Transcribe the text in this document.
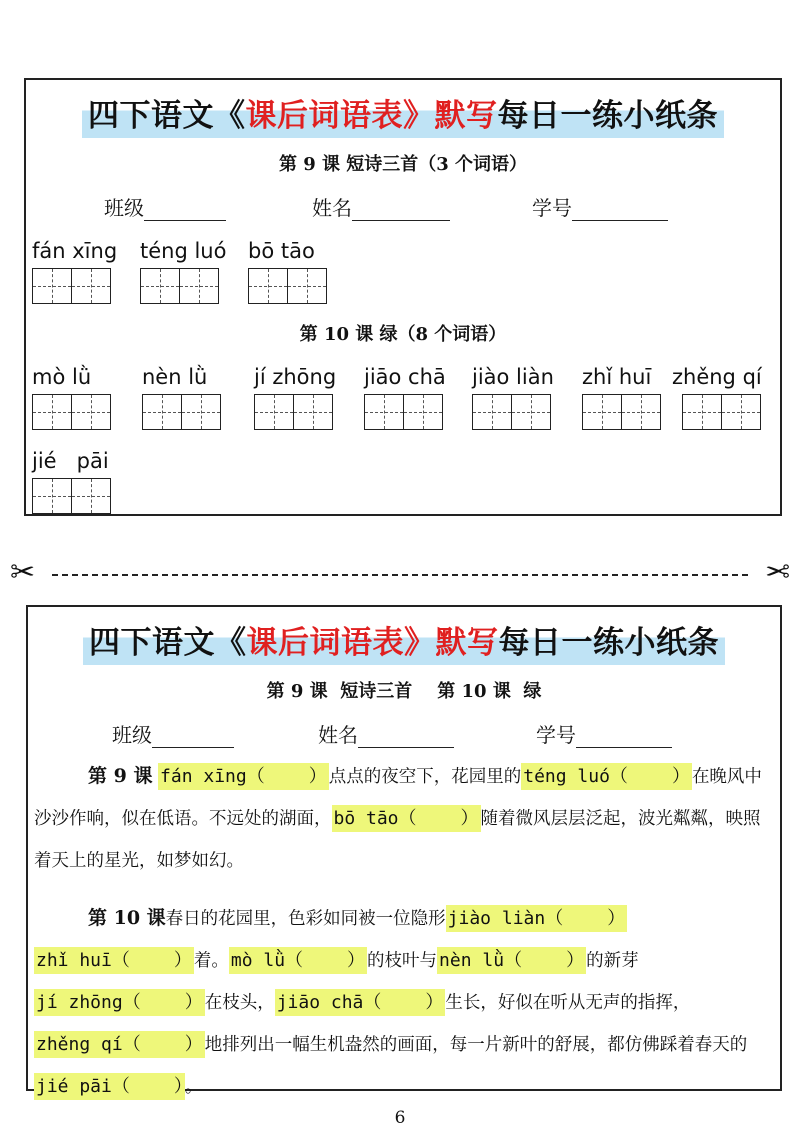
四下语文《课后词语表》默写每日一练小纸条
第 9 课 短诗三首（3 个词语）
班级	姓名	学号
fán xīng téng luó bō tāo
第 10 课 绿（8 个词语）
mò lǜ	nèn lǜ	jí zhōng jiāo chā jiào liàn zhǐ huī zhěng qí
jié   pāi
✂	✂
四下语文《课后词语表》默写每日一练小纸条
第 9 课  短诗三首    第 10 课  绿
班级	姓名	学号
第 9 课 fán xīng（ ） 点点的夜空下，花园里的 téng luó（ ） 在晚风中沙沙作响，似在低语。不远处的湖面， bō tāo（ ） 随着微风层层泛起，波光粼粼，映照着天上的星光，如梦如幻。
第 10 课春日的花园里，色彩如同被一位隐形 jiào liàn（ ）zhǐ huī（ ） 着。 mò lǜ（ ） 的枝叶与 nèn lǜ（ ） 的新芽jí zhōng（ ） 在枝头， jiāo chā（ ） 生长，好似在听从无声的指挥，zhěng qí（ ） 地排列出一幅生机盎然的画面，每一片新叶的舒展，都仿佛踩着春天的jié pāi（ ） 。
6
